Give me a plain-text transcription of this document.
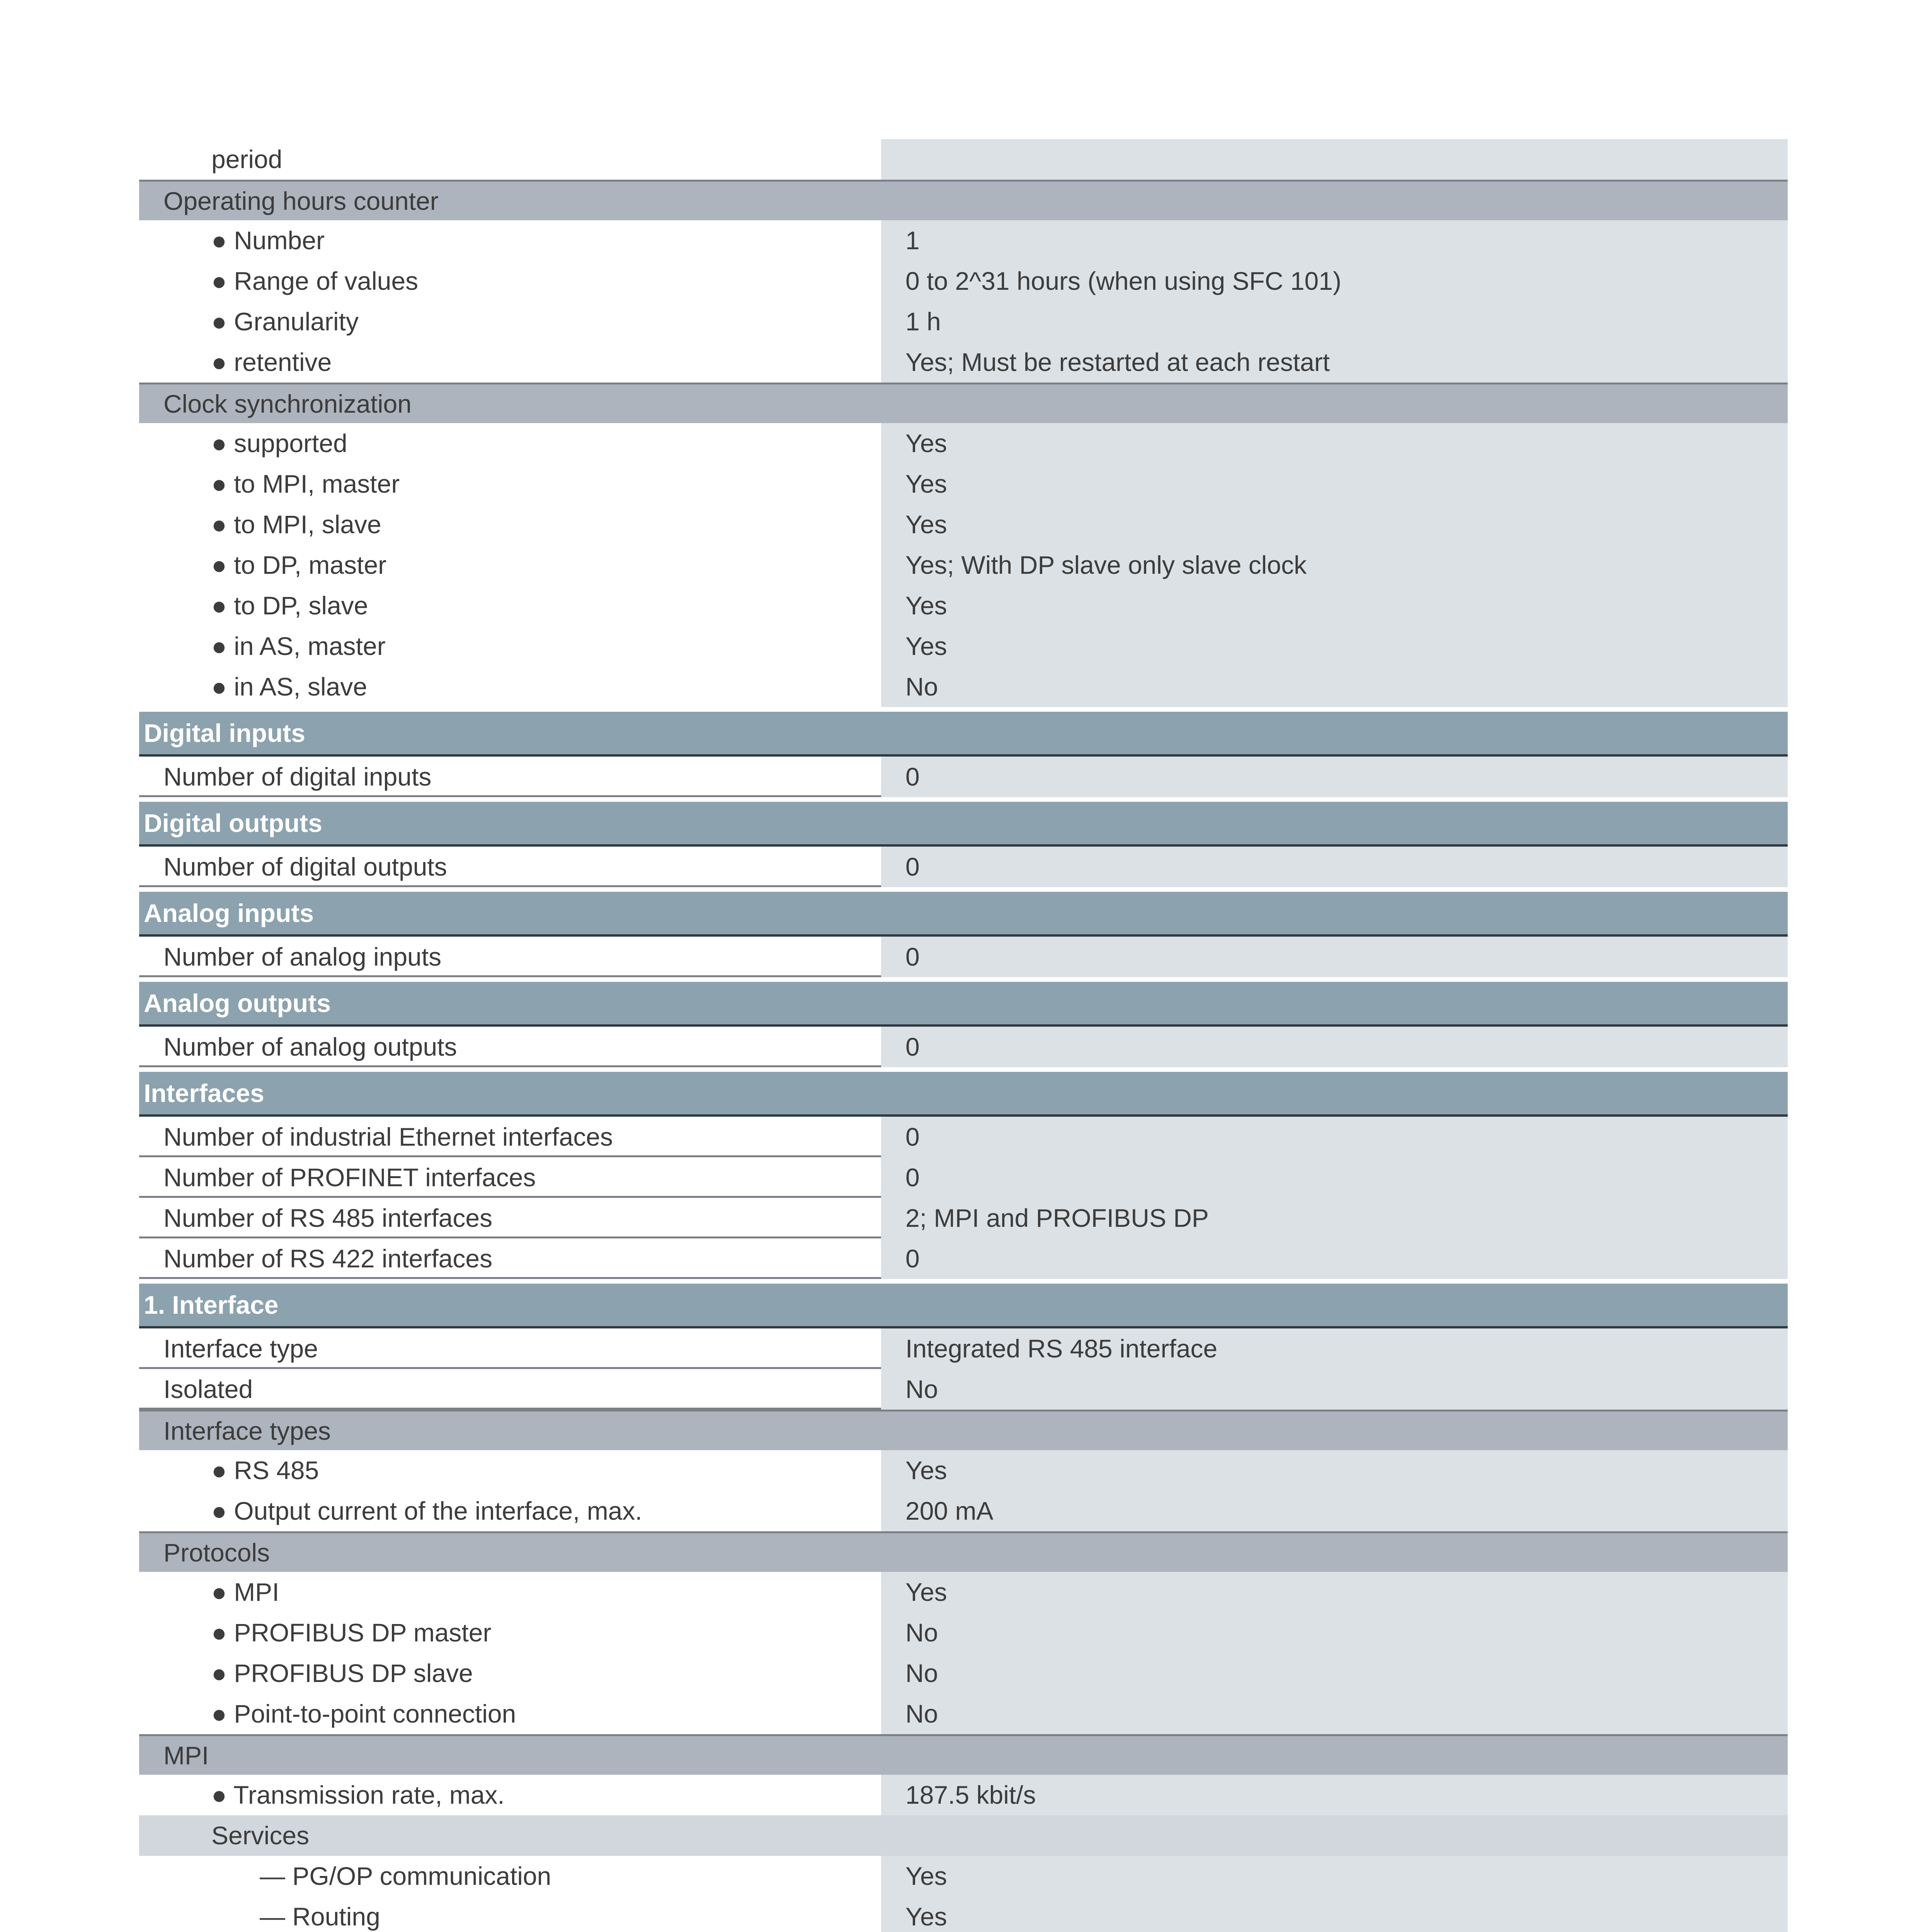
period
Operating hours counter
● Number	1
● Range of values	0 to 2^31 hours (when using SFC 101)
● Granularity	1 h
● retentive	Yes; Must be restarted at each restart
Clock synchronization
● supported	Yes
● to MPI, master	Yes
● to MPI, slave	Yes
● to DP, master	Yes; With DP slave only slave clock
● to DP, slave	Yes
● in AS, master	Yes
● in AS, slave	No
Digital inputs
Number of digital inputs	0
Digital outputs
Number of digital outputs	0
Analog inputs
Number of analog inputs	0
Analog outputs
Number of analog outputs	0
Interfaces
Number of industrial Ethernet interfaces	0
Number of PROFINET interfaces	0
Number of RS 485 interfaces	2; MPI and PROFIBUS DP
Number of RS 422 interfaces	0
1. Interface
Interface type	Integrated RS 485 interface
Isolated	No
Interface types
● RS 485	Yes
● Output current of the interface, max.	200 mA
Protocols
● MPI	Yes
● PROFIBUS DP master	No
● PROFIBUS DP slave	No
● Point-to-point connection	No
MPI
● Transmission rate, max.	187.5 kbit/s
Services
— PG/OP communication	Yes
— Routing	Yes
